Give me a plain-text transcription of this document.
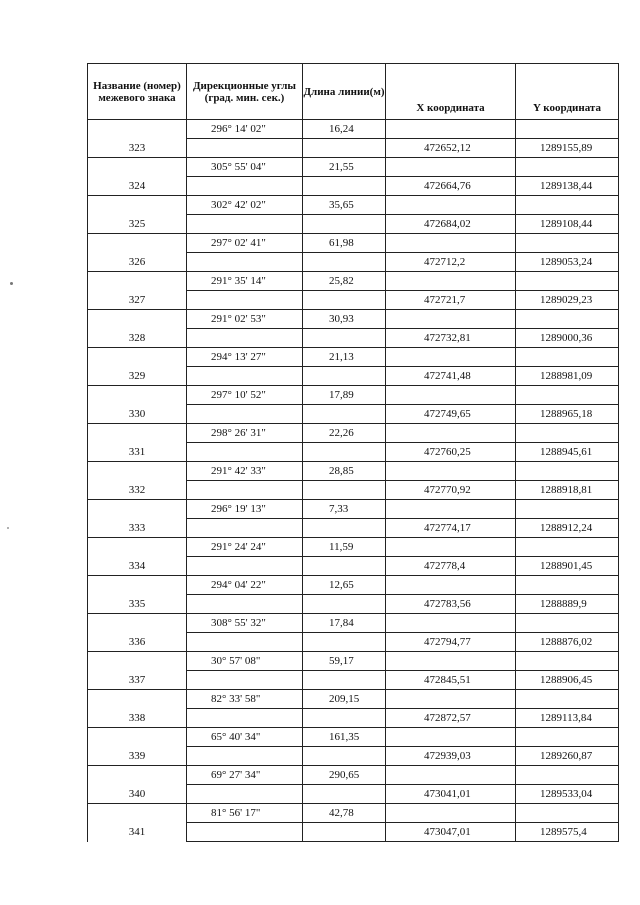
Название (номер) межевого знака	Дирекционные углы (град. мин. сек.)	Длина линии(м)	X координата	Y координата
	296° 14' 02"	16,24		
323			472652,12	1289155,89
	305° 55' 04"	21,55		
324			472664,76	1289138,44
	302° 42' 02"	35,65		
325			472684,02	1289108,44
	297° 02' 41"	61,98		
326			472712,2	1289053,24
	291° 35' 14"	25,82		
327			472721,7	1289029,23
	291° 02' 53"	30,93		
328			472732,81	1289000,36
	294° 13' 27"	21,13		
329			472741,48	1288981,09
	297° 10' 52"	17,89		
330			472749,65	1288965,18
	298° 26' 31"	22,26		
331			472760,25	1288945,61
	291° 42' 33"	28,85		
332			472770,92	1288918,81
	296° 19' 13"	7,33		
333			472774,17	1288912,24
	291° 24' 24"	11,59		
334			472778,4	1288901,45
	294° 04' 22"	12,65		
335			472783,56	1288889,9
	308° 55' 32"	17,84		
336			472794,77	1288876,02
	30° 57' 08"	59,17		
337			472845,51	1288906,45
	82° 33' 58"	209,15		
338			472872,57	1289113,84
	65° 40' 34"	161,35		
339			472939,03	1289260,87
	69° 27' 34"	290,65		
340			473041,01	1289533,04
	81° 56' 17"	42,78		
341			473047,01	1289575,4
